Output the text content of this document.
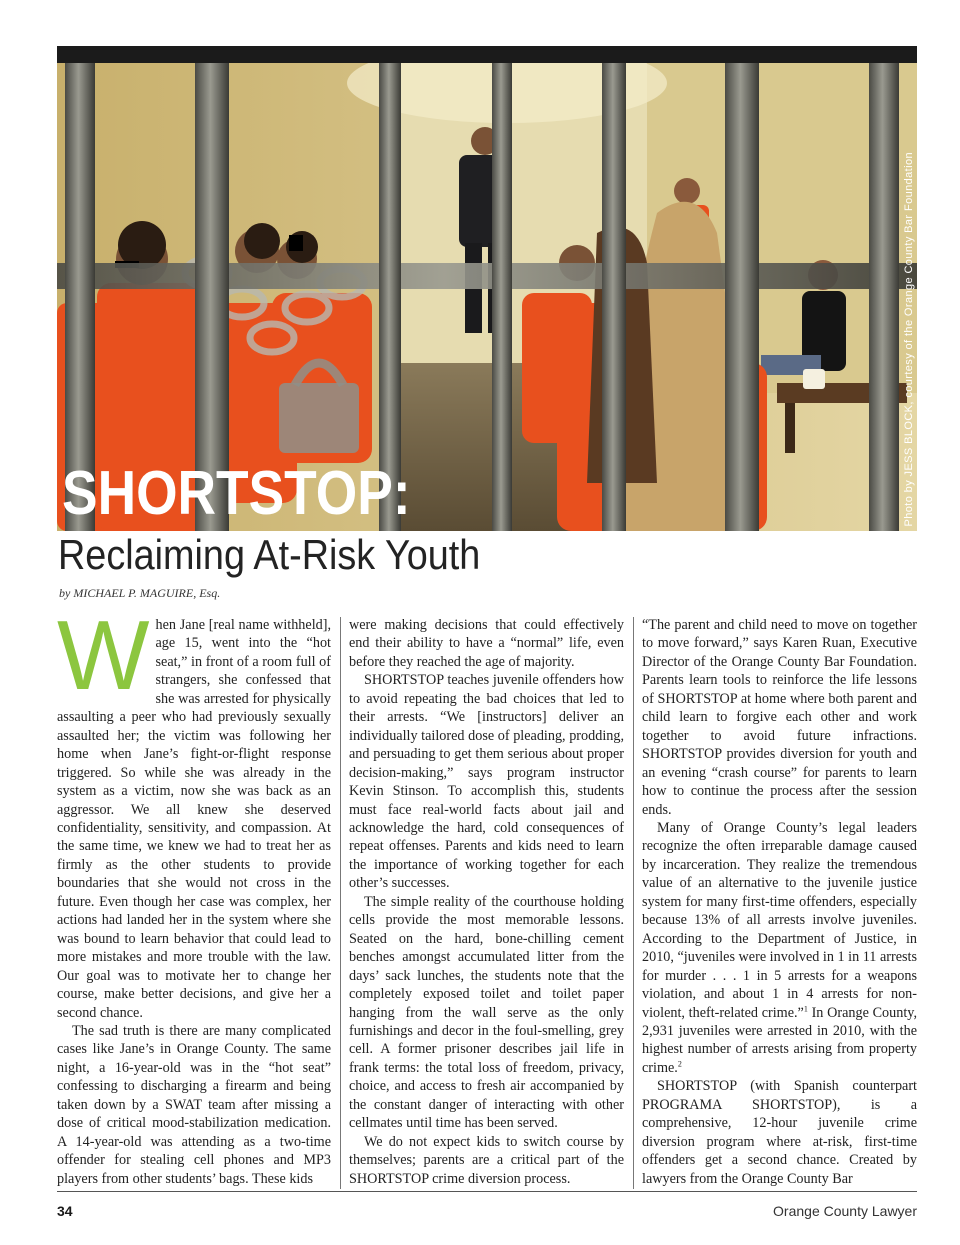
Photo by JESS BLOCK, courtesy of the Orange County Bar Foundation
SHORTSTOP:
Reclaiming At-Risk Youth
by MICHAEL P. MAGUIRE, Esq.

When Jane [real name withheld], age 15, went into the “hot seat,” in front of a room full of strangers, she confessed that she was arrested for physically assaulting a peer who had previously sexually assaulted her; the victim was following her home when Jane’s fight-or-flight response triggered. So while she was already in the system as a victim, now she was back as an aggressor. We all knew she deserved confidentiality, sensitivity, and compassion. At the same time, we knew we had to treat her as firmly as the other students to provide boundaries that she would not cross in the future. Even though her case was complex, her actions had landed her in the system where she was bound to learn behavior that could lead to more mistakes and more trouble with the law. Our goal was to motivate her to change her course, make better decisions, and give her a second chance.

The sad truth is there are many complicated cases like Jane’s in Orange County. The same night, a 16-year-old was in the “hot seat” confessing to discharging a firearm and being taken down by a SWAT team after missing a dose of critical mood-stabilization medication. A 14-year-old was attending as a two-time offender for stealing cell phones and MP3 players from other students’ bags. These kids

were making decisions that could effectively end their ability to have a “normal” life, even before they reached the age of majority.

SHORTSTOP teaches juvenile offenders how to avoid repeating the bad choices that led to their arrests. “We [instructors] deliver an individually tailored dose of pleading, prodding, and persuading to get them serious about proper decision-making,” says program instructor Kevin Stinson. To accomplish this, students must face real-world facts about jail and acknowledge the hard, cold consequences of repeat offenses. Parents and kids need to learn the importance of working together for each other’s successes.

The simple reality of the courthouse holding cells provide the most memorable lessons. Seated on the hard, bone-chilling cement benches amongst accumulated litter from the days’ sack lunches, the students note that the completely exposed toilet and toilet paper hanging from the wall serve as the only furnishings and decor in the foul-smelling, grey cell. A former prisoner describes jail life in frank terms: the total loss of freedom, privacy, choice, and access to fresh air accompanied by the constant danger of interacting with other cellmates until time has been served.

We do not expect kids to switch course by themselves; parents are a critical part of the SHORTSTOP crime diversion process.

“The parent and child need to move on together to move forward,” says Karen Ruan, Executive Director of the Orange County Bar Foundation. Parents learn tools to reinforce the life lessons of SHORTSTOP at home where both parent and child learn to forgive each other and work together to avoid future infractions. SHORTSTOP provides diversion for youth and an evening “crash course” for parents to learn how to continue the process after the session ends.

Many of Orange County’s legal leaders recognize the often irreparable damage caused by incarceration. They realize the tremendous value of an alternative to the juvenile justice system for many first-time offenders, especially because 13% of all arrests involve juveniles. According to the Department of Justice, in 2010, “juveniles were involved in 1 in 11 arrests for murder . . . 1 in 5 arrests for a weapons violation, and about 1 in 4 arrests for non-violent, theft-related crime.”$^1$ In Orange County, 2,931 juveniles were arrested in 2010, with the highest number of arrests arising from property crime.$^2$

SHORTSTOP (with Spanish counterpart PROGRAMA SHORTSTOP), is a comprehensive, 12-hour juvenile crime diversion program where at-risk, first-time offenders get a second chance. Created by lawyers from the Orange County Bar

34	Orange County Lawyer
